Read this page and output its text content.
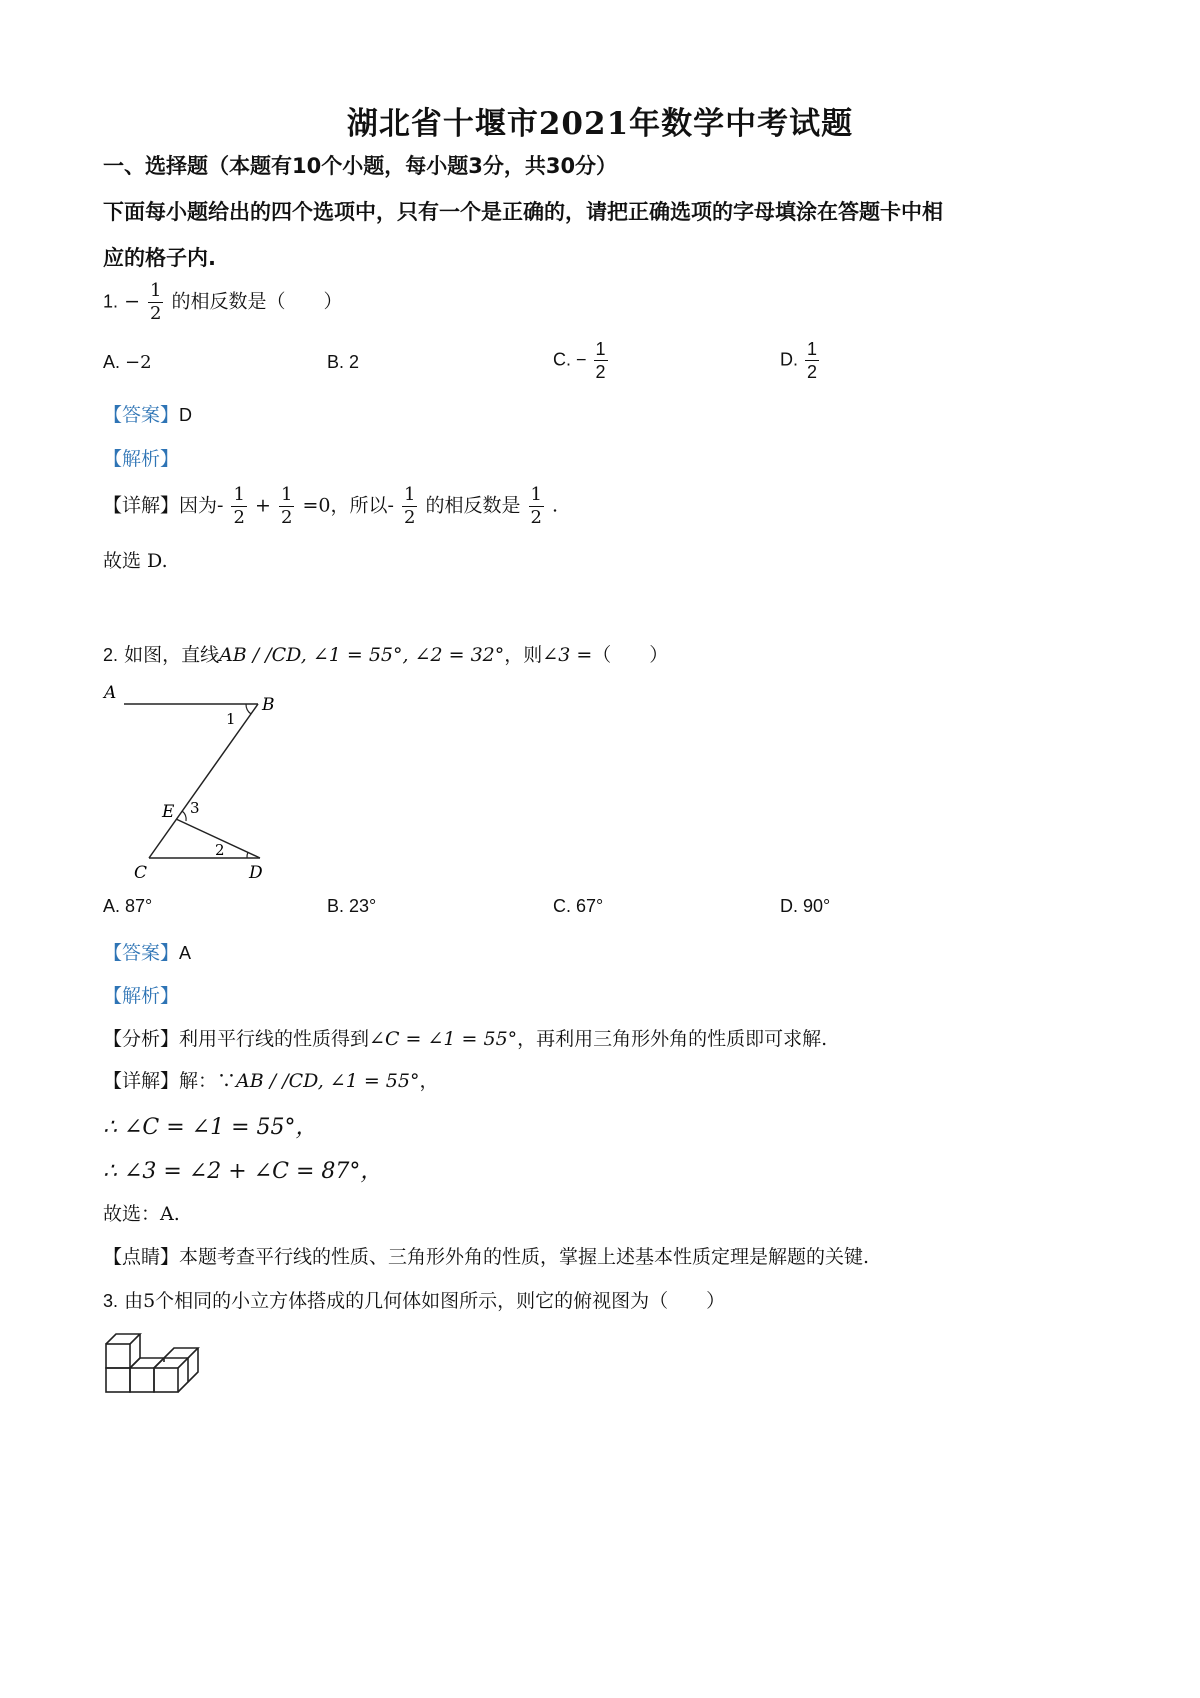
湖北省十堰市2021年数学中考试题
一、选择题（本题有10个小题，每小题3分，共30分）
下面每小题给出的四个选项中，只有一个是正确的，请把正确选项的字母填涂在答题卡中相
应的格子内.
1. − $\frac{1}{2}$ 的相反数是（　　）
A. −2	B. 2	C. − $\frac{1}{2}$	D. $\frac{1}{2}$
【答案】D
【解析】
【详解】因为- $\frac{1}{2} + \frac{1}{2} =0$，所以- $\frac{1}{2}$ 的相反数是 $\frac{1}{2}$ .
故选 D.
2. 如图，直线AB / /CD, ∠1 = 55°, ∠2 = 32°，则∠3 =（　　）
A
B
E
C	D
1
3
2
A. 87°	B. 23°	C. 67°	D. 90°
【答案】A
【解析】
【分析】利用平行线的性质得到∠C = ∠1 = 55°，再利用三角形外角的性质即可求解.
【详解】解：∵AB / /CD, ∠1 = 55°，
∴ ∠C = ∠1 = 55°，
∴ ∠3 = ∠2 + ∠C = 87°，
故选：A.
【点睛】本题考查平行线的性质、三角形外角的性质，掌握上述基本性质定理是解题的关键.
3. 由5个相同的小立方体搭成的几何体如图所示，则它的俯视图为（　　）
